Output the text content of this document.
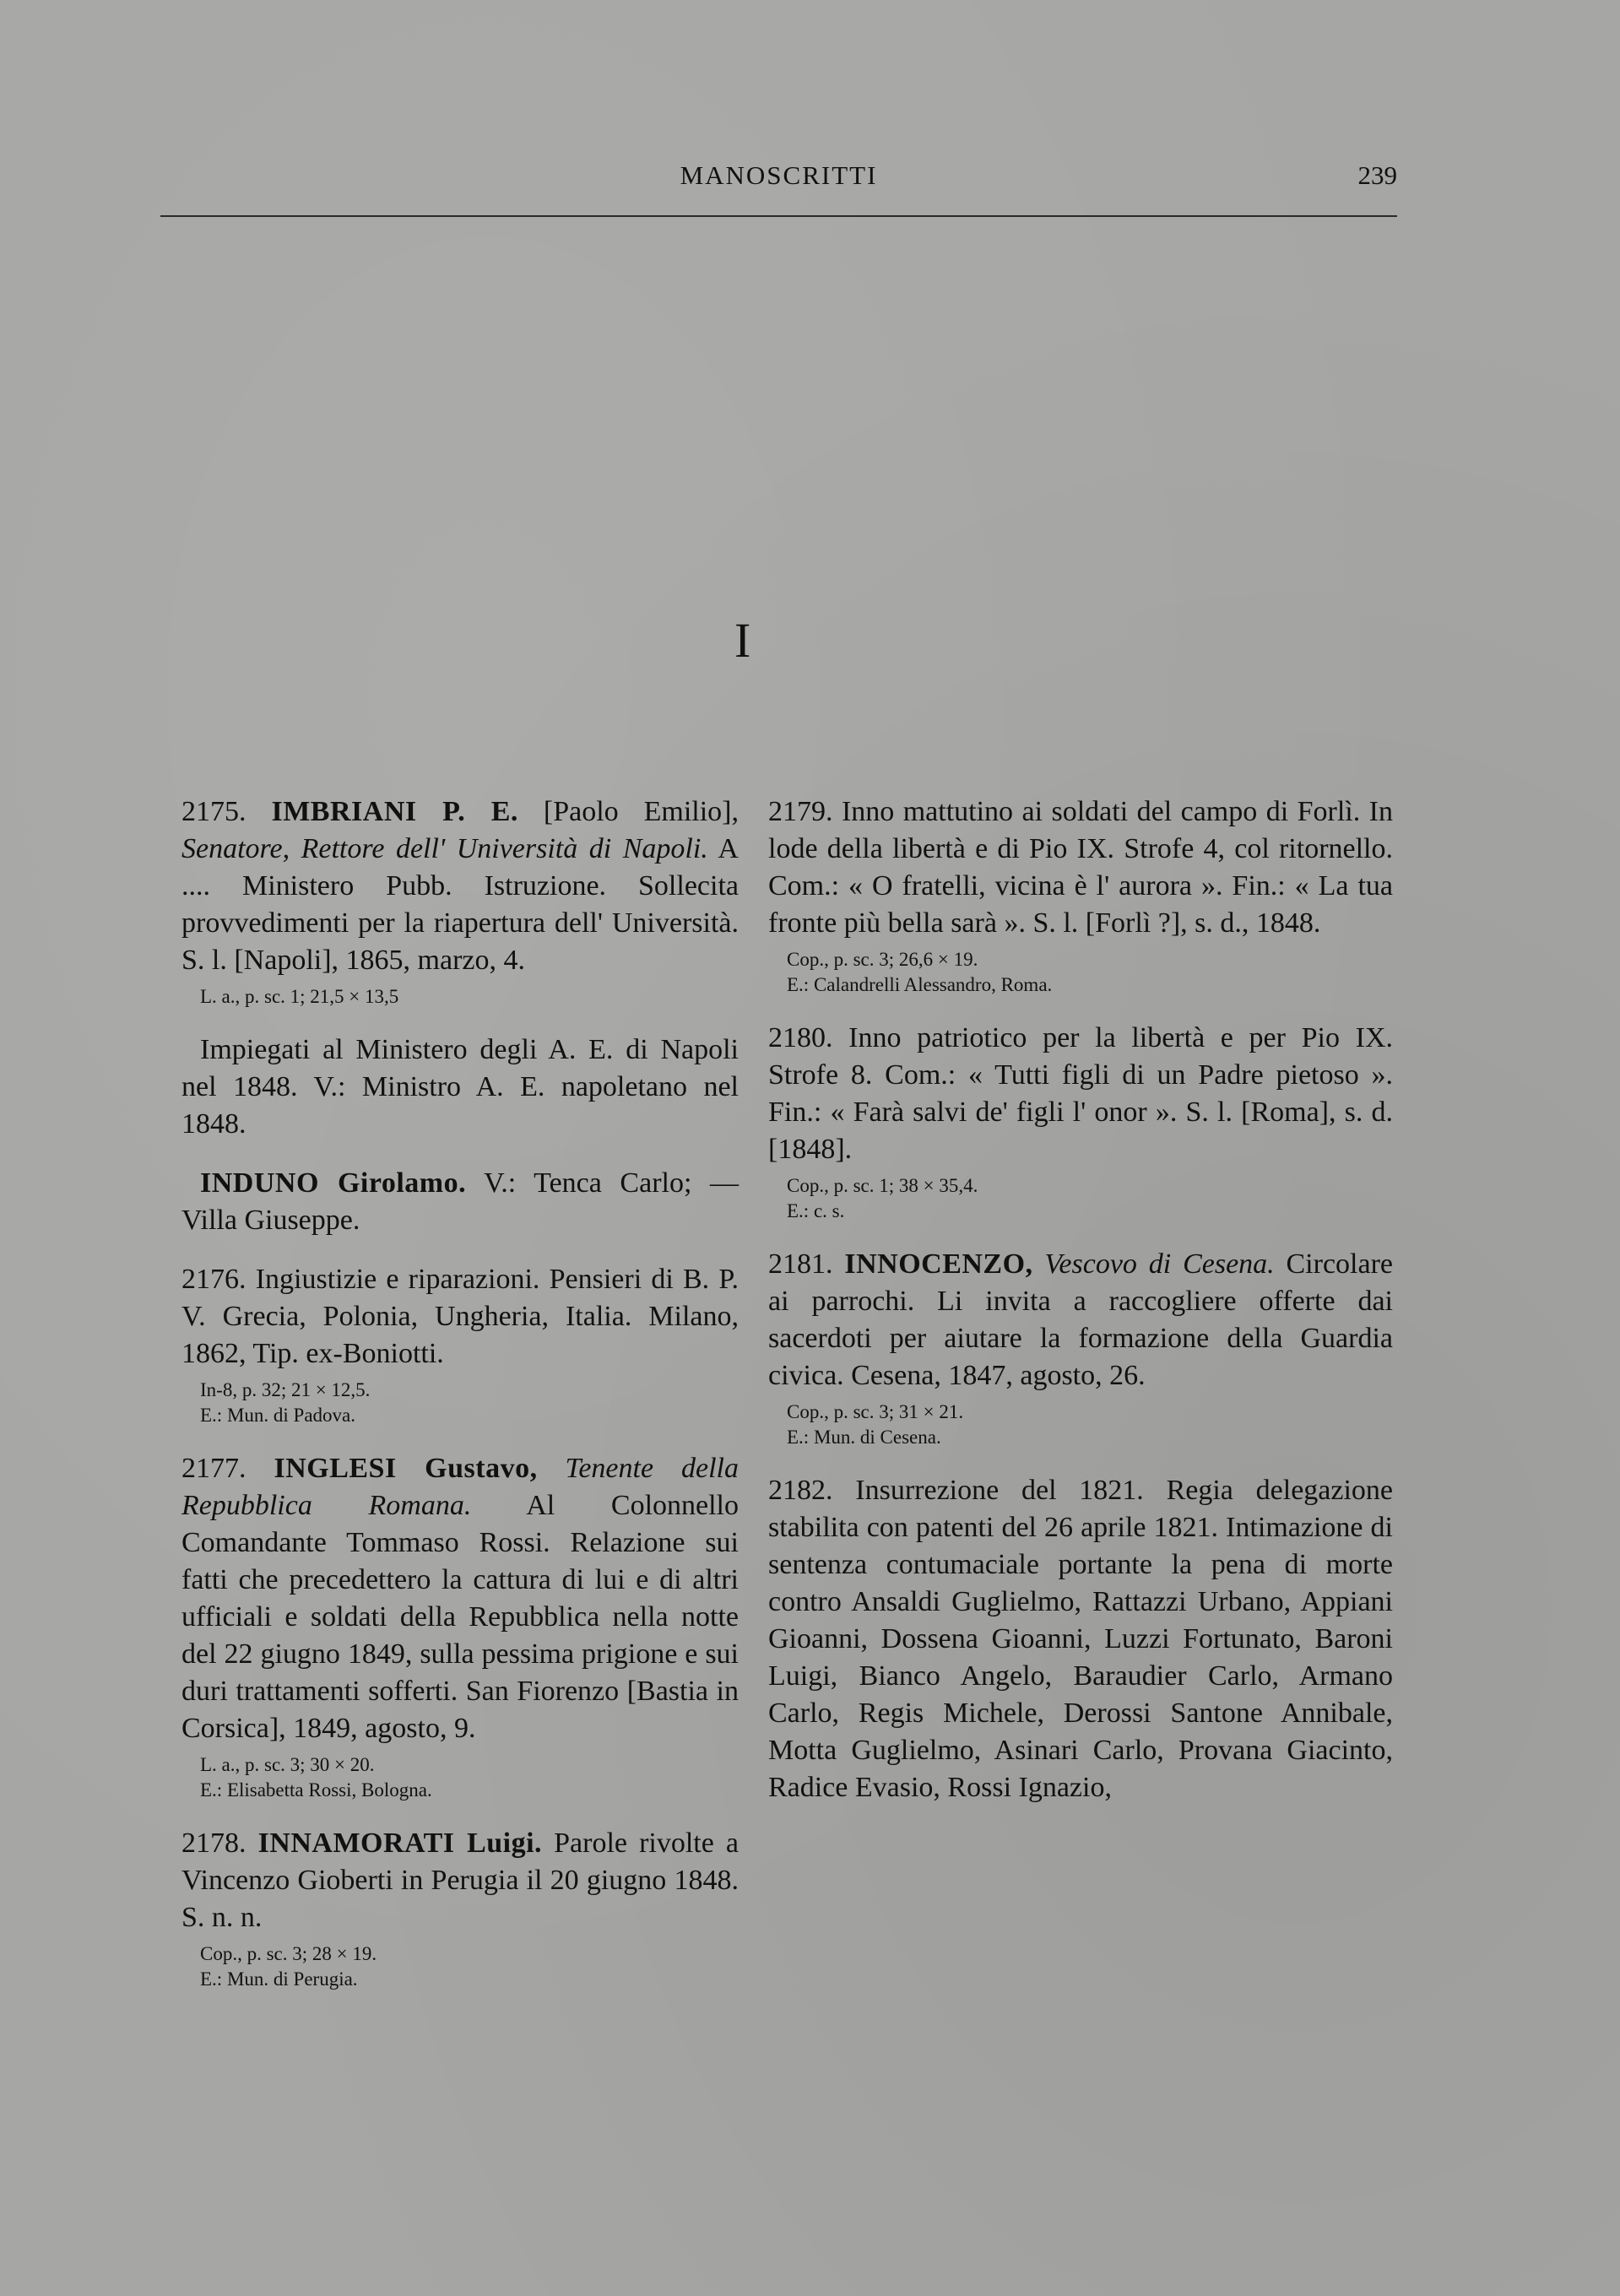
MANOSCRITTI	239
I

2175. IMBRIANI P. E. [Paolo Emilio], Senatore, Rettore dell' Università di Napoli. A .... Ministero Pubb. Istruzione. Sollecita provvedimenti per la riapertura dell' Università. S. l. [Napoli], 1865, marzo, 4.

L. a., p. sc. 1; 21,5 × 13,5

Impiegati al Ministero degli A. E. di Napoli nel 1848. V.: Ministro A. E. napoletano nel 1848.

INDUNO Girolamo. V.: Tenca Carlo; — Villa Giuseppe.

2176. Ingiustizie e riparazioni. Pensieri di B. P. V. Grecia, Polonia, Ungheria, Italia. Milano, 1862, Tip. ex-Boniotti.

In-8, p. 32; 21 × 12,5.
E.: Mun. di Padova.

2177. INGLESI Gustavo, Tenente della Repubblica Romana. Al Colonnello Comandante Tommaso Rossi. Relazione sui fatti che precedettero la cattura di lui e di altri ufficiali e soldati della Repubblica nella notte del 22 giugno 1849, sulla pessima prigione e sui duri trattamenti sofferti. San Fiorenzo [Bastia in Corsica], 1849, agosto, 9.

L. a., p. sc. 3; 30 × 20.
E.: Elisabetta Rossi, Bologna.

2178. INNAMORATI Luigi. Parole rivolte a Vincenzo Gioberti in Perugia il 20 giugno 1848. S. n. n.

Cop., p. sc. 3; 28 × 19.
E.: Mun. di Perugia.

2179. Inno mattutino ai soldati del campo di Forlì. In lode della libertà e di Pio IX. Strofe 4, col ritornello. Com.: « O fratelli, vicina è l' aurora ». Fin.: « La tua fronte più bella sarà ». S. l. [Forlì ?], s. d., 1848.

Cop., p. sc. 3; 26,6 × 19.
E.: Calandrelli Alessandro, Roma.

2180. Inno patriotico per la libertà e per Pio IX. Strofe 8. Com.: « Tutti figli di un Padre pietoso ». Fin.: « Farà salvi de' figli l' onor ». S. l. [Roma], s. d. [1848].

Cop., p. sc. 1; 38 × 35,4.
E.: c. s.

2181. INNOCENZO, Vescovo di Cesena. Circolare ai parrochi. Li invita a raccogliere offerte dai sacerdoti per aiutare la formazione della Guardia civica. Cesena, 1847, agosto, 26.

Cop., p. sc. 3; 31 × 21.
E.: Mun. di Cesena.

2182. Insurrezione del 1821. Regia delegazione stabilita con patenti del 26 aprile 1821. Intimazione di sentenza contumaciale portante la pena di morte contro Ansaldi Guglielmo, Rattazzi Urbano, Appiani Gioanni, Dossena Gioanni, Luzzi Fortunato, Baroni Luigi, Bianco Angelo, Baraudier Carlo, Armano Carlo, Regis Michele, Derossi Santone Annibale, Motta Guglielmo, Asinari Carlo, Provana Giacinto, Radice Evasio, Rossi Ignazio,
